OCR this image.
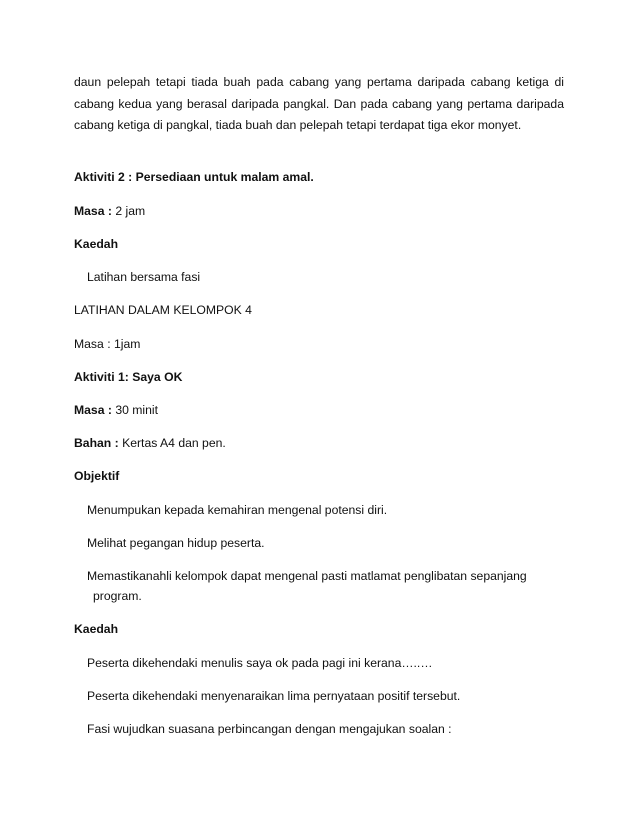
daun pelepah tetapi tiada buah pada cabang yang pertama daripada cabang ketiga di cabang kedua yang berasal daripada pangkal. Dan pada cabang yang pertama daripada cabang ketiga di pangkal, tiada buah dan pelepah tetapi terdapat tiga ekor monyet.
Aktiviti 2 : Persediaan untuk malam amal.
Masa : 2 jam
Kaedah
Latihan bersama fasi
LATIHAN DALAM KELOMPOK 4
Masa : 1jam
Aktiviti 1: Saya OK
Masa : 30 minit
Bahan : Kertas A4 dan pen.
Objektif
Menumpukan kepada kemahiran mengenal potensi diri.
Melihat pegangan hidup peserta.
Memastikanahli kelompok dapat mengenal pasti matlamat penglibatan sepanjang
program.
Kaedah
Peserta dikehendaki menulis saya ok pada pagi ini kerana…..…
Peserta dikehendaki menyenaraikan lima pernyataan positif tersebut.
Fasi wujudkan suasana perbincangan dengan mengajukan soalan :
